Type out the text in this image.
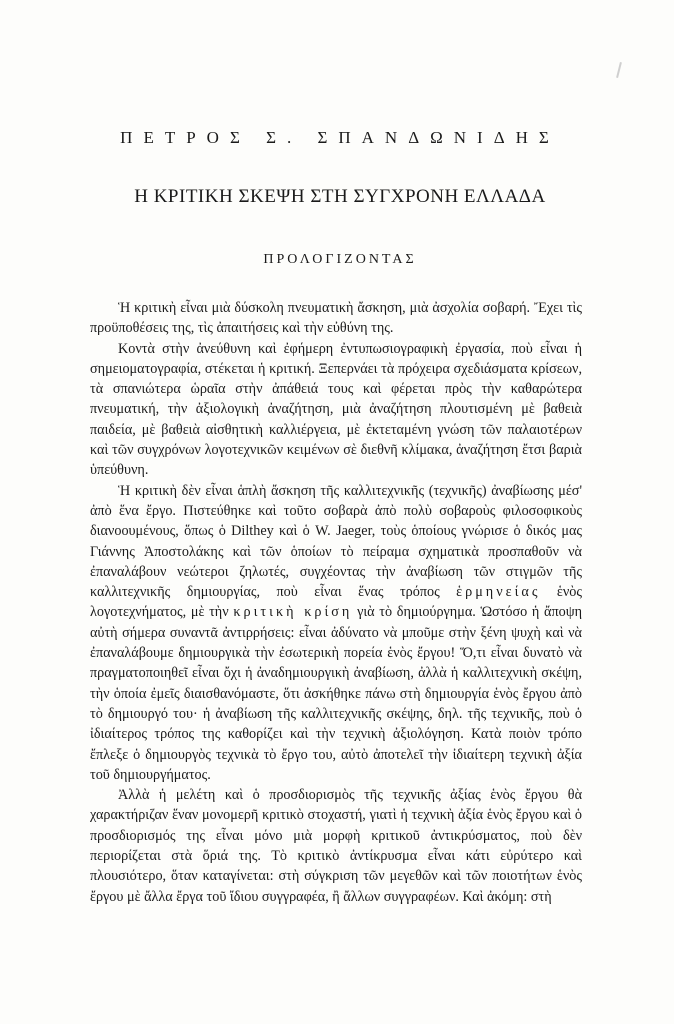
ΠΕΤΡΟΣ Σ. ΣΠΑΝΔΩΝΙΔΗΣ
Η ΚΡΙΤΙΚΗ ΣΚΕΨΗ ΣΤΗ ΣΥΓΧΡΟΝΗ ΕΛΛΑΔΑ
ΠΡΟΛΟΓΙΖΟΝΤΑΣ

Ἡ κριτικὴ εἶναι μιὰ δύσκολη πνευματικὴ ἄσκηση, μιὰ ἀσχολία σοβαρή. Ἔχει τὶς προϋποθέσεις της, τὶς ἀπαιτήσεις καὶ τὴν εὐθύνη της.

Κοντὰ στὴν ἀνεύθυνη καὶ ἐφήμερη ἐντυπωσιογραφικὴ ἐργασία, ποὺ εἶναι ἡ σημειοματογραφία, στέκεται ἡ κριτική. Ξεπερνάει τὰ πρόχειρα σχεδιάσματα κρίσεων, τὰ σπανιώτερα ὡραῖα στὴν ἀπάθειά τους καὶ φέρεται πρὸς τὴν καθαρώτερα πνευματική, τὴν ἀξιολογικὴ ἀναζήτηση, μιὰ ἀναζήτηση πλουτισμένη μὲ βαθειὰ παιδεία, μὲ βαθειὰ αἰσθητικὴ καλλιέργεια, μὲ ἐκτεταμένη γνώση τῶν παλαιοτέρων καὶ τῶν συγχρόνων λογοτεχνικῶν κειμένων σὲ διεθνῆ κλίμακα, ἀναζήτηση ἔτσι βαριὰ ὑπεύθυνη.

Ἡ κριτικὴ δὲν εἶναι ἁπλὴ ἄσκηση τῆς καλλιτεχνικῆς (τεχνικῆς) ἀναβίωσης μέσ' ἀπὸ ἕνα ἔργο. Πιστεύθηκε καὶ τοῦτο σοβαρὰ ἀπὸ πολὺ σοβαροὺς φιλοσοφικοὺς διανοουμένους, ὅπως ὁ Dilthey καὶ ὁ W. Jaeger, τοὺς ὁποίους γνώρισε ὁ δικός μας Γιάννης Ἀποστολάκης καὶ τῶν ὁποίων τὸ πείραμα σχηματικὰ προσπαθοῦν νὰ ἐπαναλάβουν νεώτεροι ζηλωτές, συγχέοντας τὴν ἀναβίωση τῶν στιγμῶν τῆς καλλιτεχνικῆς δημιουργίας, ποὺ εἶναι ἕνας τρόπος ἑρμηνείας ἑνὸς λογοτεχνήματος, μὲ τὴν κριτικὴ κρίση γιὰ τὸ δημιούργημα. Ὡστόσο ἡ ἄποψη αὐτὴ σήμερα συναντᾶ ἀντιρρήσεις: εἶναι ἀδύνατο νὰ μποῦμε στὴν ξένη ψυχὴ καὶ νὰ ἐπαναλάβουμε δημιουργικὰ τὴν ἐσωτερικὴ πορεία ἑνὸς ἔργου! Ὅ,τι εἶναι δυνατὸ νὰ πραγματοποιηθεῖ εἶναι ὄχι ἡ ἀναδημιουργικὴ ἀναβίωση, ἀλλὰ ἡ καλλιτεχνικὴ σκέψη, τὴν ὁποία ἐμεῖς διαισθανόμαστε, ὅτι ἀσκήθηκε πάνω στὴ δημιουργία ἑνὸς ἔργου ἀπὸ τὸ δημιουργό του· ἡ ἀναβίωση τῆς καλλιτεχνικῆς σκέψης, δηλ. τῆς τεχνικῆς, ποὺ ὁ ἰδιαίτερος τρόπος της καθορίζει καὶ τὴν τεχνικὴ ἀξιολόγηση. Κατὰ ποιὸν τρόπο ἔπλεξε ὁ δημιουργὸς τεχνικὰ τὸ ἔργο του, αὐτὸ ἀποτελεῖ τὴν ἰδιαίτερη τεχνικὴ ἀξία τοῦ δημιουργήματος.

Ἀλλὰ ἡ μελέτη καὶ ὁ προσδιορισμὸς τῆς τεχνικῆς ἀξίας ἑνὸς ἔργου θὰ χαρακτήριζαν ἕναν μονομερῆ κριτικὸ στοχαστή, γιατὶ ἡ τεχνικὴ ἀξία ἑνὸς ἔργου καὶ ὁ προσδιορισμός της εἶναι μόνο μιὰ μορφὴ κριτικοῦ ἀντικρύσματος, ποὺ δὲν περιορίζεται στὰ ὅριά της. Τὸ κριτικὸ ἀντίκρυσμα εἶναι κάτι εὐρύτερο καὶ πλουσιότερο, ὅταν καταγίνεται: στὴ σύγκριση τῶν μεγεθῶν καὶ τῶν ποιοτήτων ἑνὸς ἔργου μὲ ἄλλα ἔργα τοῦ ἴδιου συγγραφέα, ἢ ἄλλων συγγραφέων. Καὶ ἀκόμη: στὴ
